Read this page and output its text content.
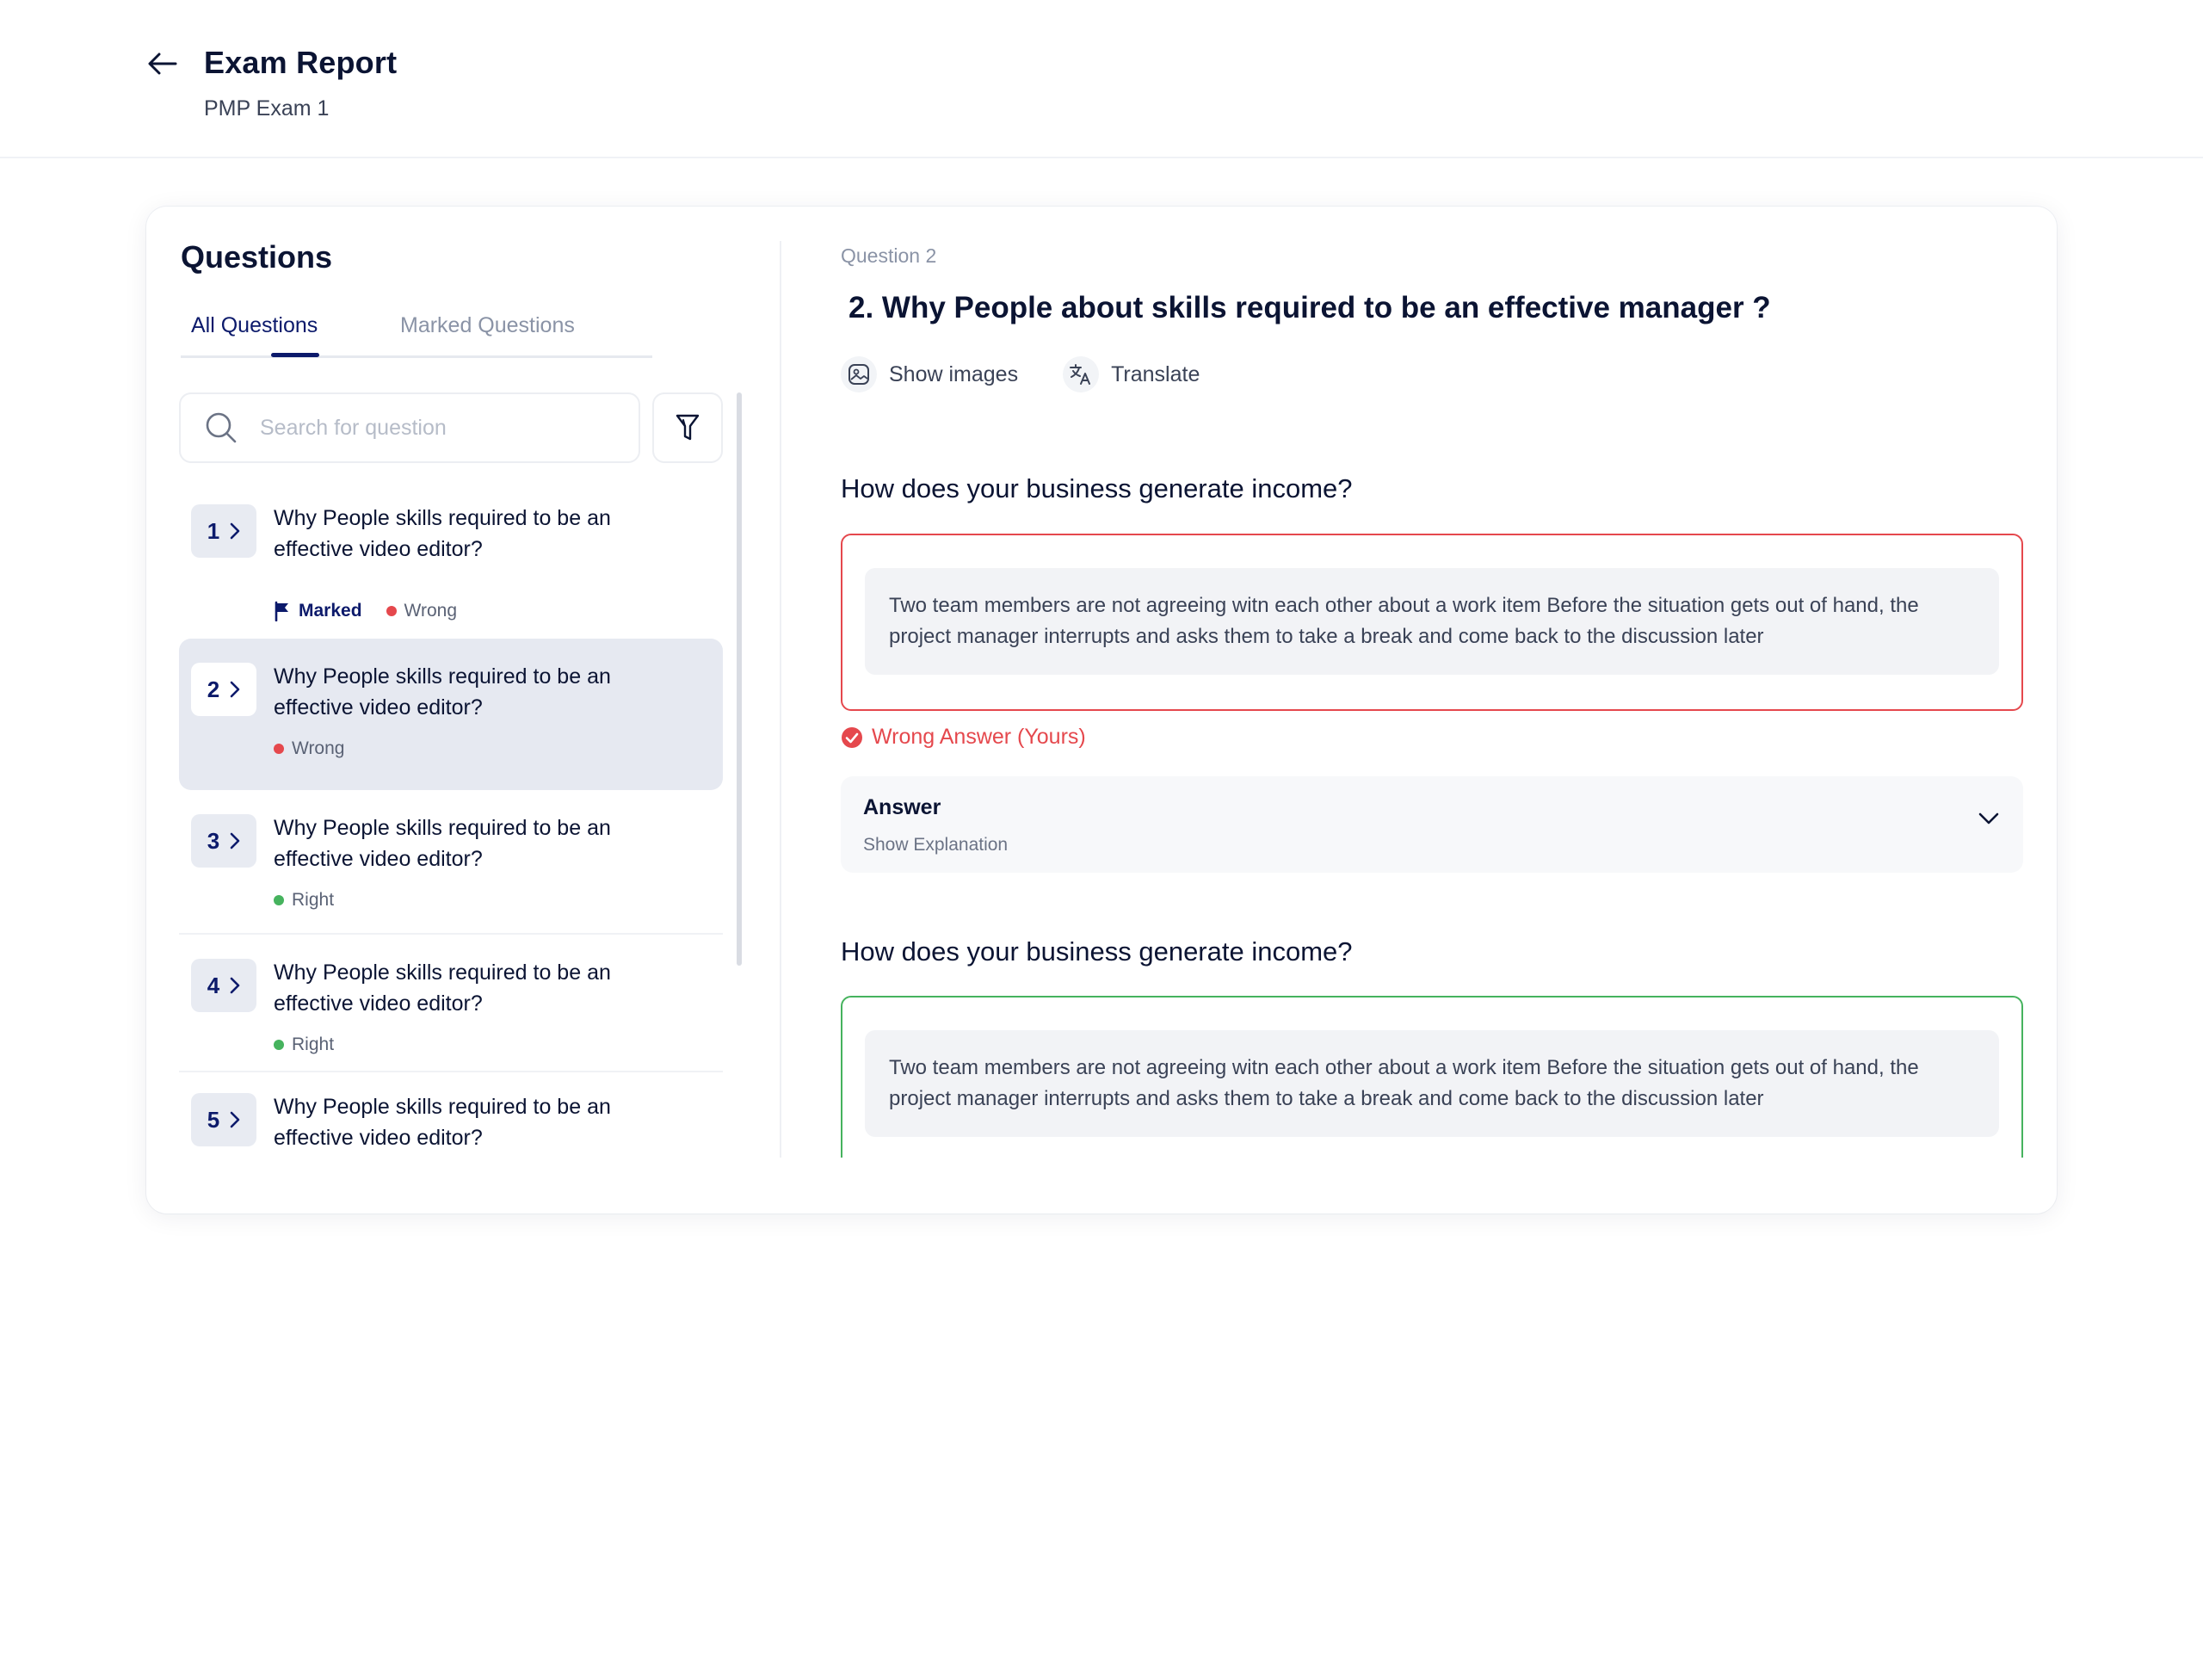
Exam Report
PMP Exam 1
Questions
All Questions	Marked Questions
Search for question
1	Why People skills required to be an effective video editor?
2	Why People skills required to be an effective video editor?
Wrong
3	Why People skills required to be an effective video editor?
Right
4	Why People skills required to be an effective video editor?
Right
5	Why People skills required to be an effective video editor?
Question 2
2. Why People about skills required to be an effective manager ?
Show images	Translate
How does your business generate income?
Two team members are not agreeing witn each other about a work item Before the situation gets out of hand, the project manager interrupts and asks them to take a break and come back to the discussion later
Wrong Answer (Yours)
Answer
Show Explanation
How does your business generate income?
Two team members are not agreeing witn each other about a work item Before the situation gets out of hand, the project manager interrupts and asks them to take a break and come back to the discussion later
Marked Wrong
